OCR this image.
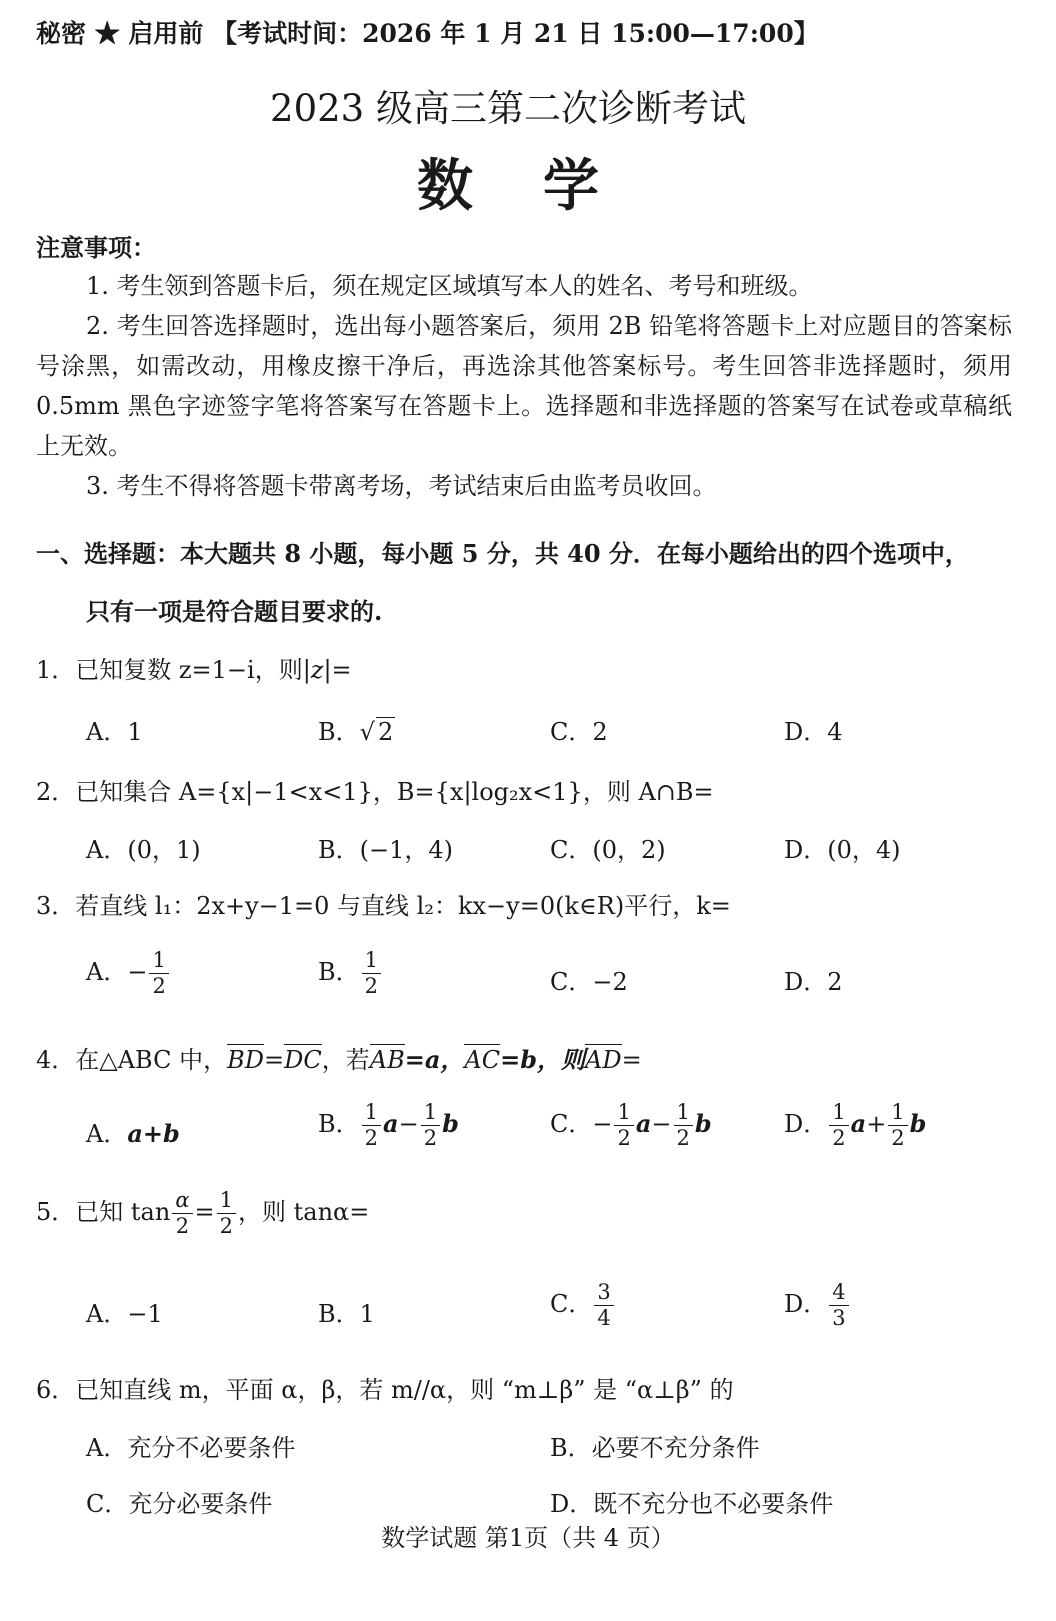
秘密 ★ 启用前 【考试时间：2026 年 1 月 21 日 15:00—17:00】
2023 级高三第二次诊断考试
数 学
注意事项：
1. 考生领到答题卡后，须在规定区域填写本人的姓名、考号和班级。
2. 考生回答选择题时，选出每小题答案后，须用 2B 铅笔将答题卡上对应题目的答案标号涂黑，如需改动，用橡皮擦干净后，再选涂其他答案标号。考生回答非选择题时，须用 0.5mm 黑色字迹签字笔将答案写在答题卡上。选择题和非选择题的答案写在试卷或草稿纸上无效。
3. 考生不得将答题卡带离考场，考试结束后由监考员收回。
一、选择题：本大题共 8 小题，每小题 5 分，共 40 分．在每小题给出的四个选项中，
只有一项是符合题目要求的.
1．已知复数 z=1−i，则|z|=
A．1	B．√ 2	C．2	D．4
2．已知集合 A={x|−1<x<1}，B={x|log₂x<1}，则 A∩B=
A．(0，1)	B．(−1，4)	C．(0，2)	D．(0，4)
3．若直线 l₁：2x+y−1=0 与直线 l₂：kx−y=0(k∈R)平行，k=
A．− $\frac{1}{2}$	B． $\frac{1}{2}$	C．−2	D．2
4．在△ABC 中，BD=DC，若AB=a，AC=b，则AD=
A．a+b	B． $\frac{1}{2} a- \frac{1}{2}$ b	C．− $\frac{1}{2} a- \frac{1}{2}$ b	D． $\frac{1}{2} a+ \frac{1}{2}$ b
5．已知 $\tan \frac{\alpha}{2} = \frac{1}{2}$ ，则 tanα=
A．−1	B．1	C． $\frac{3}{4}$	D． $\frac{4}{3}$
6．已知直线 m，平面 α，β，若 m//α，则 “m⊥β” 是 “α⊥β” 的
A．充分不必要条件	B．必要不充分条件
C．充分必要条件	D．既不充分也不必要条件
数学试题 第1页（共 4 页）
